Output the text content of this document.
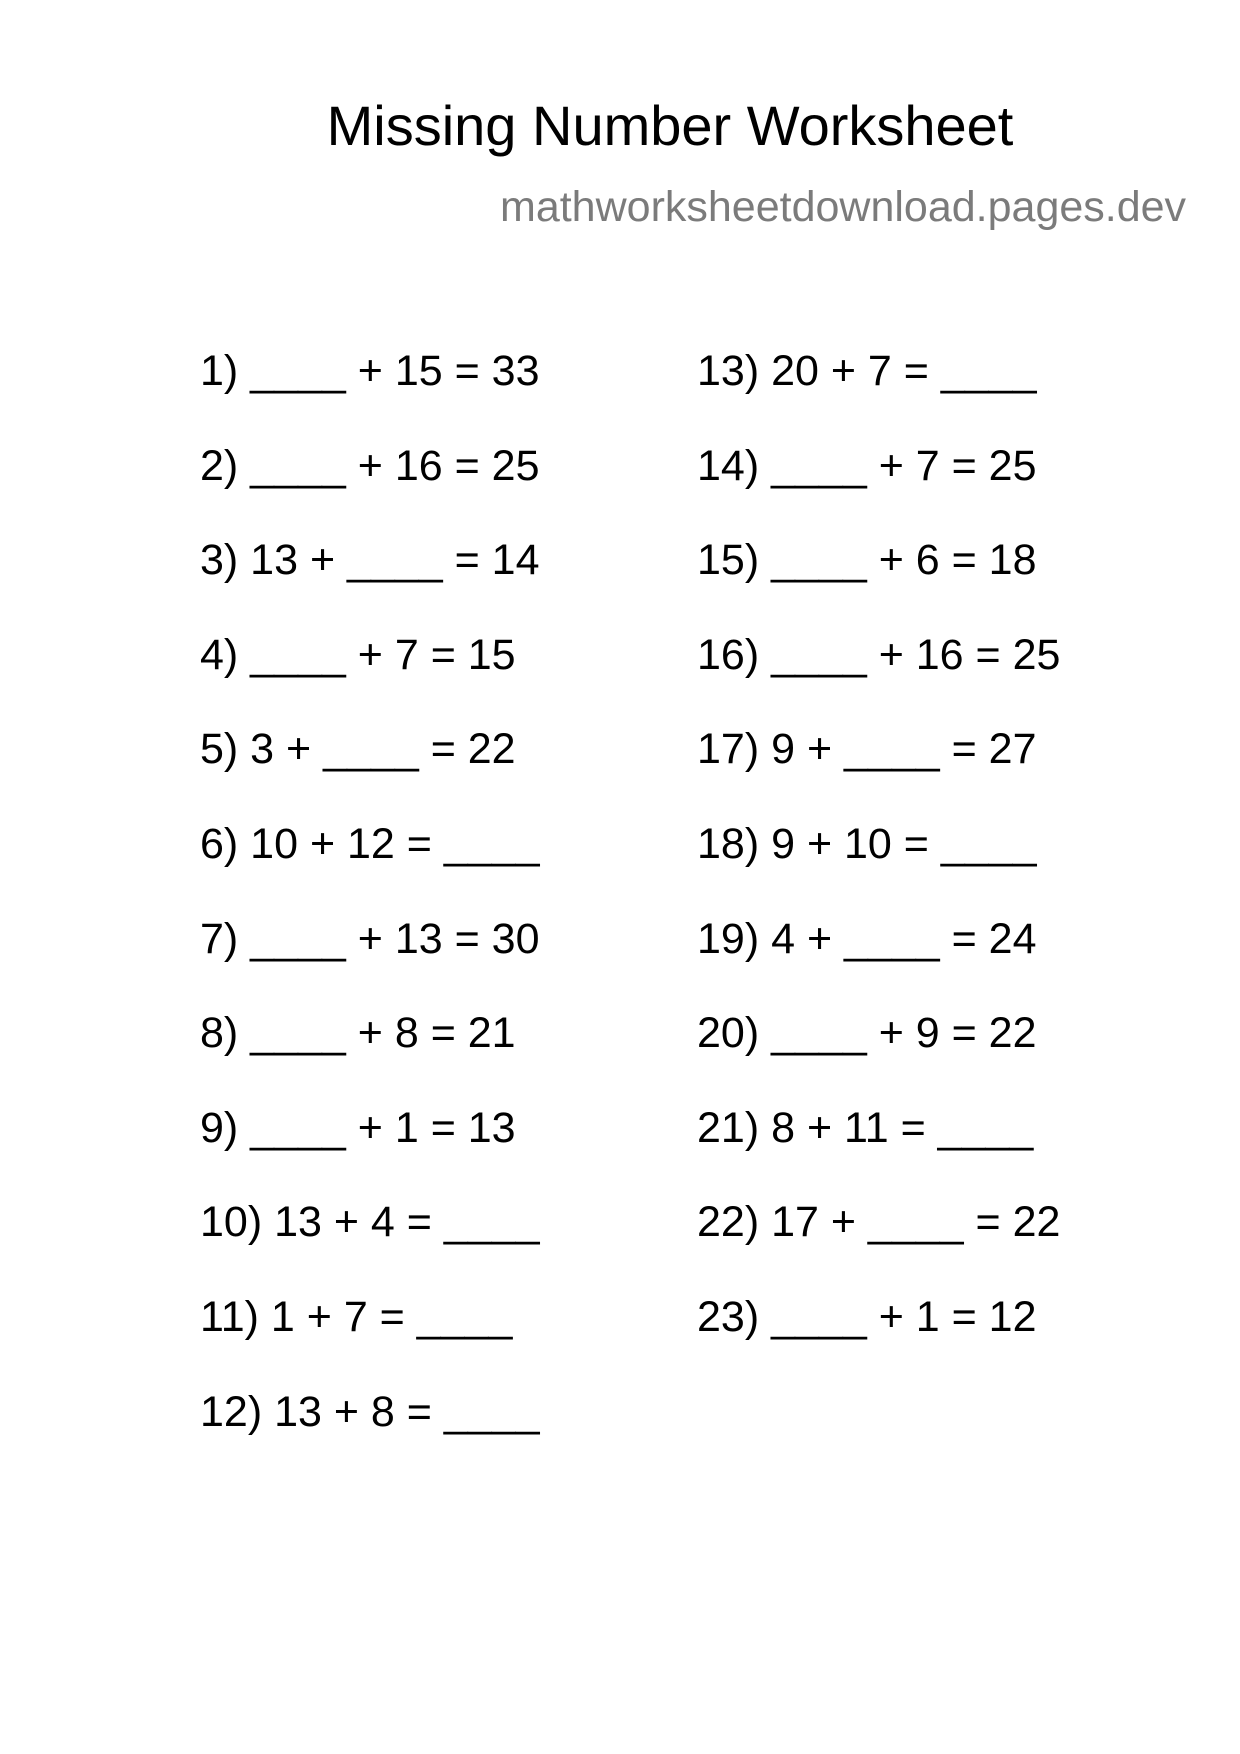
Missing Number Worksheet
mathworksheetdownload.pages.dev
1) ____ + 15 = 33
2) ____ + 16 = 25
3) 13 + ____ = 14
4) ____ + 7 = 15
5) 3 + ____ = 22
6) 10 + 12 = ____
7) ____ + 13 = 30
8) ____ + 8 = 21
9) ____ + 1 = 13
10) 13 + 4 = ____
11) 1 + 7 = ____
12) 13 + 8 = ____
13) 20 + 7 = ____
14) ____ + 7 = 25
15) ____ + 6 = 18
16) ____ + 16 = 25
17) 9 + ____ = 27
18) 9 + 10 = ____
19) 4 + ____ = 24
20) ____ + 9 = 22
21) 8 + 11 = ____
22) 17 + ____ = 22
23) ____ + 1 = 12
